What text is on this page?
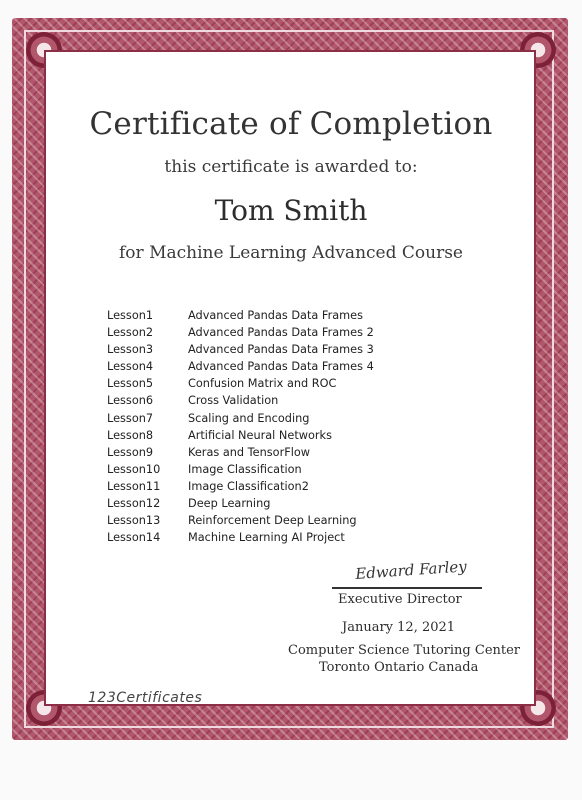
Certificate of Completion
this certificate is awarded to:
Tom Smith
for Machine Learning Advanced Course
Lesson1	Advanced Pandas Data Frames
Lesson2	Advanced Pandas Data Frames 2
Lesson3	Advanced Pandas Data Frames 3
Lesson4	Advanced Pandas Data Frames 4
Lesson5	Confusion Matrix and ROC
Lesson6	Cross Validation
Lesson7	Scaling and Encoding
Lesson8	Artificial Neural Networks
Lesson9	Keras and TensorFlow
Lesson10 Image Classification
Lesson11 Image Classification2
Lesson12 Deep Learning
Lesson13 Reinforcement Deep Learning
Lesson14 Machine Learning AI Project
Edward Farley
Executive Director
January 12, 2021
Computer Science Tutoring Center
Toronto Ontario Canada
123Certificates
